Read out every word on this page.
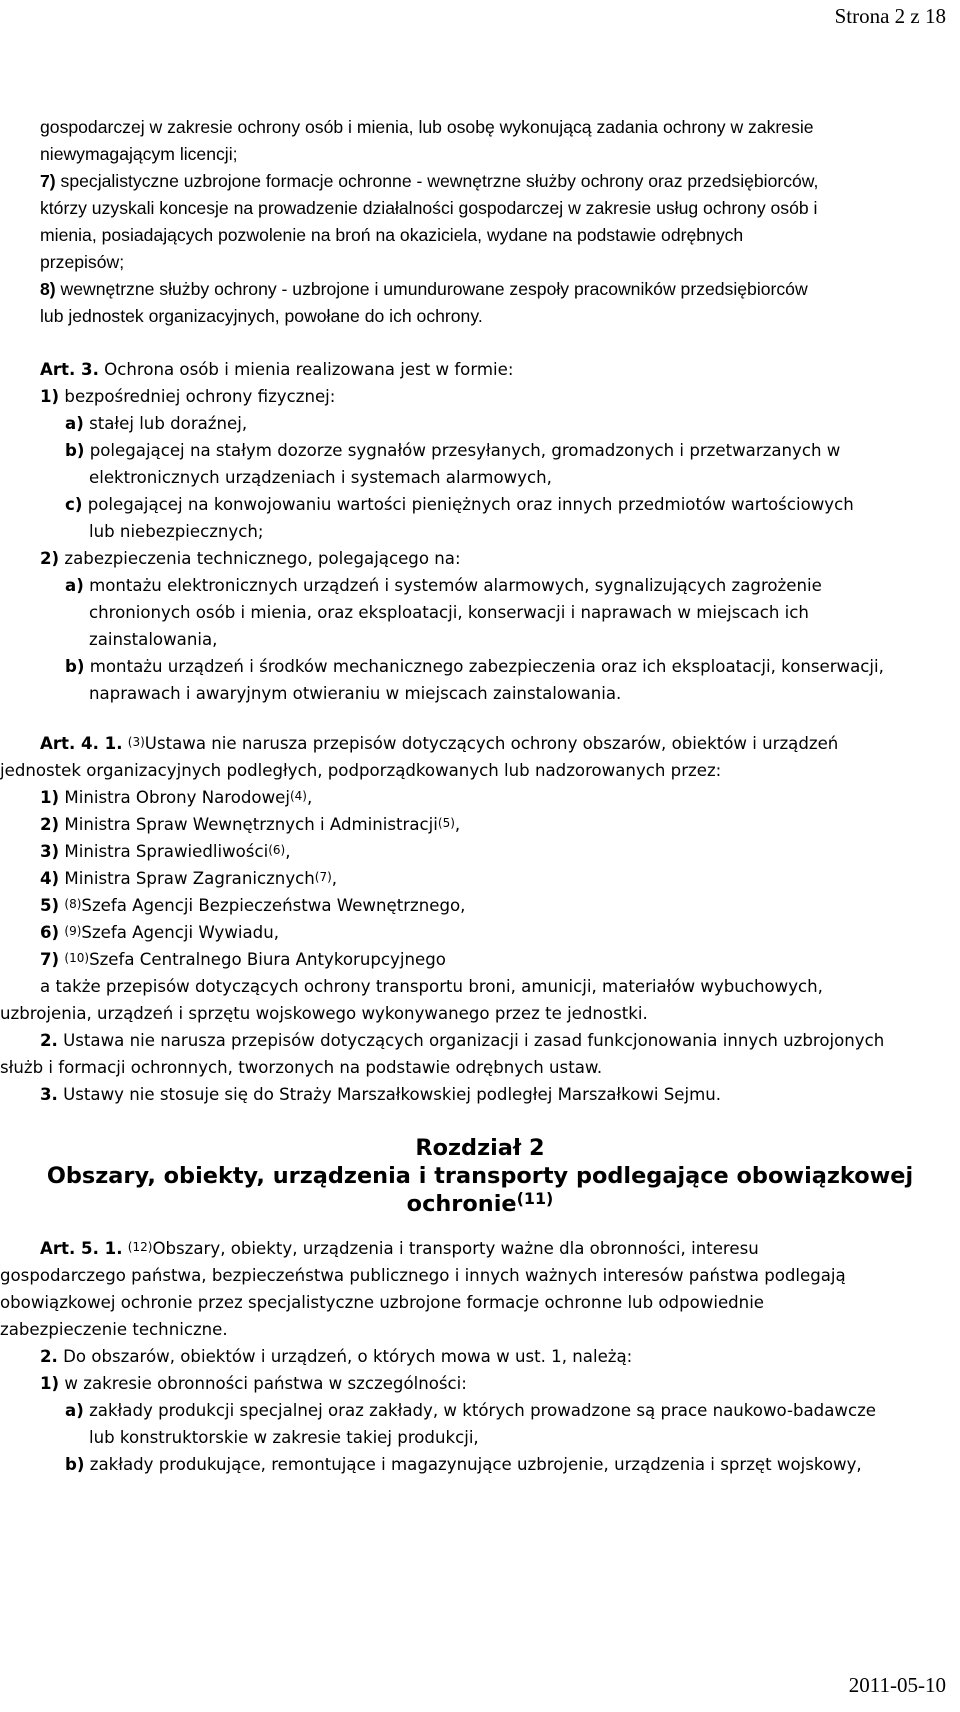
Strona 2 z 18
gospodarczej w zakresie ochrony osób i mienia, lub osobę wykonującą zadania ochrony w zakresie
niewymagającym licencji;
7) specjalistyczne uzbrojone formacje ochronne - wewnętrzne służby ochrony oraz przedsiębiorców,
którzy uzyskali koncesje na prowadzenie działalności gospodarczej w zakresie usług ochrony osób i
mienia, posiadających pozwolenie na broń na okaziciela, wydane na podstawie odrębnych
przepisów;
8) wewnętrzne służby ochrony - uzbrojone i umundurowane zespoły pracowników przedsiębiorców
lub jednostek organizacyjnych, powołane do ich ochrony.
Art. 3. Ochrona osób i mienia realizowana jest w formie:
1) bezpośredniej ochrony fizycznej:
a) stałej lub doraźnej,
b) polegającej na stałym dozorze sygnałów przesyłanych, gromadzonych i przetwarzanych w
elektronicznych urządzeniach i systemach alarmowych,
c) polegającej na konwojowaniu wartości pieniężnych oraz innych przedmiotów wartościowych
lub niebezpiecznych;
2) zabezpieczenia technicznego, polegającego na:
a) montażu elektronicznych urządzeń i systemów alarmowych, sygnalizujących zagrożenie
chronionych osób i mienia, oraz eksploatacji, konserwacji i naprawach w miejscach ich
zainstalowania,
b) montażu urządzeń i środków mechanicznego zabezpieczenia oraz ich eksploatacji, konserwacji,
naprawach i awaryjnym otwieraniu w miejscach zainstalowania.
Art. 4. 1. $^{(3)}$Ustawa nie narusza przepisów dotyczących ochrony obszarów, obiektów i urządzeń
jednostek organizacyjnych podległych, podporządkowanych lub nadzorowanych przez:
1) Ministra Obrony Narodowej$^{(4)}$,
2) Ministra Spraw Wewnętrznych i Administracji$^{(5)}$,
3) Ministra Sprawiedliwości$^{(6)}$,
4) Ministra Spraw Zagranicznych$^{(7)}$,
5) $^{(8)}$Szefa Agencji Bezpieczeństwa Wewnętrznego,
6) $^{(9)}$Szefa Agencji Wywiadu,
7) $^{(10)}$Szefa Centralnego Biura Antykorupcyjnego
a także przepisów dotyczących ochrony transportu broni, amunicji, materiałów wybuchowych,
uzbrojenia, urządzeń i sprzętu wojskowego wykonywanego przez te jednostki.
2. Ustawa nie narusza przepisów dotyczących organizacji i zasad funkcjonowania innych uzbrojonych
służb i formacji ochronnych, tworzonych na podstawie odrębnych ustaw.
3. Ustawy nie stosuje się do Straży Marszałkowskiej podległej Marszałkowi Sejmu.
Rozdział 2
Obszary, obiekty, urządzenia i transporty podlegające obowiązkowej
ochronie$^{(11)}$
Art. 5. 1. $^{(12)}$Obszary, obiekty, urządzenia i transporty ważne dla obronności, interesu
gospodarczego państwa, bezpieczeństwa publicznego i innych ważnych interesów państwa podlegają
obowiązkowej ochronie przez specjalistyczne uzbrojone formacje ochronne lub odpowiednie
zabezpieczenie techniczne.
2. Do obszarów, obiektów i urządzeń, o których mowa w ust. 1, należą:
1) w zakresie obronności państwa w szczególności:
a) zakłady produkcji specjalnej oraz zakłady, w których prowadzone są prace naukowo-badawcze
lub konstruktorskie w zakresie takiej produkcji,
b) zakłady produkujące, remontujące i magazynujące uzbrojenie, urządzenia i sprzęt wojskowy,
2011-05-10
